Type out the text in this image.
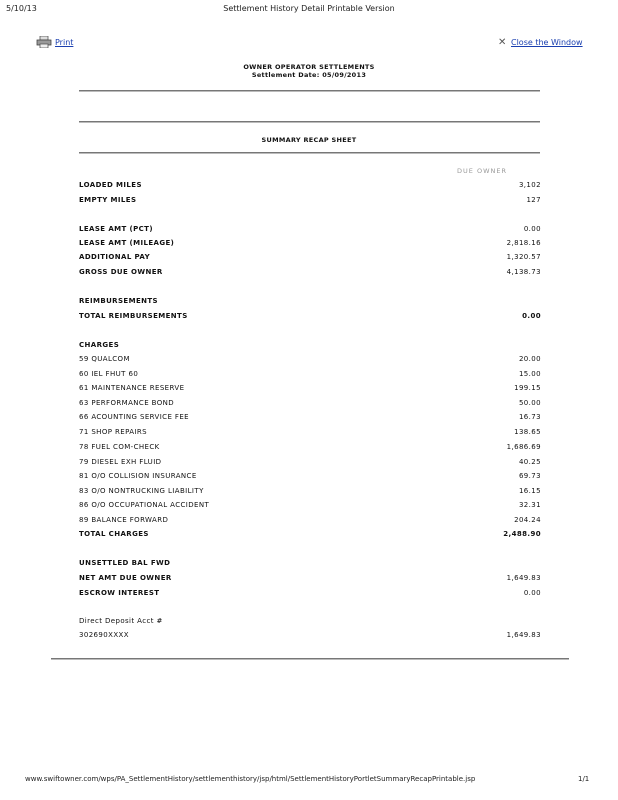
5/10/13	Settlement History Detail Printable Version
Print	✕ Close the Window
OWNER OPERATOR SETTLEMENTS
Settlement Date: 05/09/2013
SUMMARY RECAP SHEET
DUE OWNER
LOADED MILES	3,102
EMPTY MILES	127
LEASE AMT (PCT)	0.00
LEASE AMT (MILEAGE)	2,818.16
ADDITIONAL PAY	1,320.57
GROSS DUE OWNER	4,138.73
REIMBURSEMENTS
TOTAL REIMBURSEMENTS	0.00
CHARGES
59 QUALCOM	20.00
60 IEL FHUT 60	15.00
61 MAINTENANCE RESERVE	199.15
63 PERFORMANCE BOND	50.00
66 ACOUNTING SERVICE FEE	16.73
71 SHOP REPAIRS	138.65
78 FUEL COM-CHECK	1,686.69
79 DIESEL EXH FLUID	40.25
81 O/O COLLISION INSURANCE	69.73
83 O/O NONTRUCKING LIABILITY	16.15
86 O/O OCCUPATIONAL ACCIDENT	32.31
89 BALANCE FORWARD	204.24
TOTAL CHARGES	2,488.90
UNSETTLED BAL FWD
NET AMT DUE OWNER	1,649.83
ESCROW INTEREST	0.00
Direct Deposit Acct #
302690XXXX	1,649.83
www.swiftowner.com/wps/PA_SettlementHistory/settlementhistory/jsp/html/SettlementHistoryPortletSummaryRecapPrintable.jsp	1/1
